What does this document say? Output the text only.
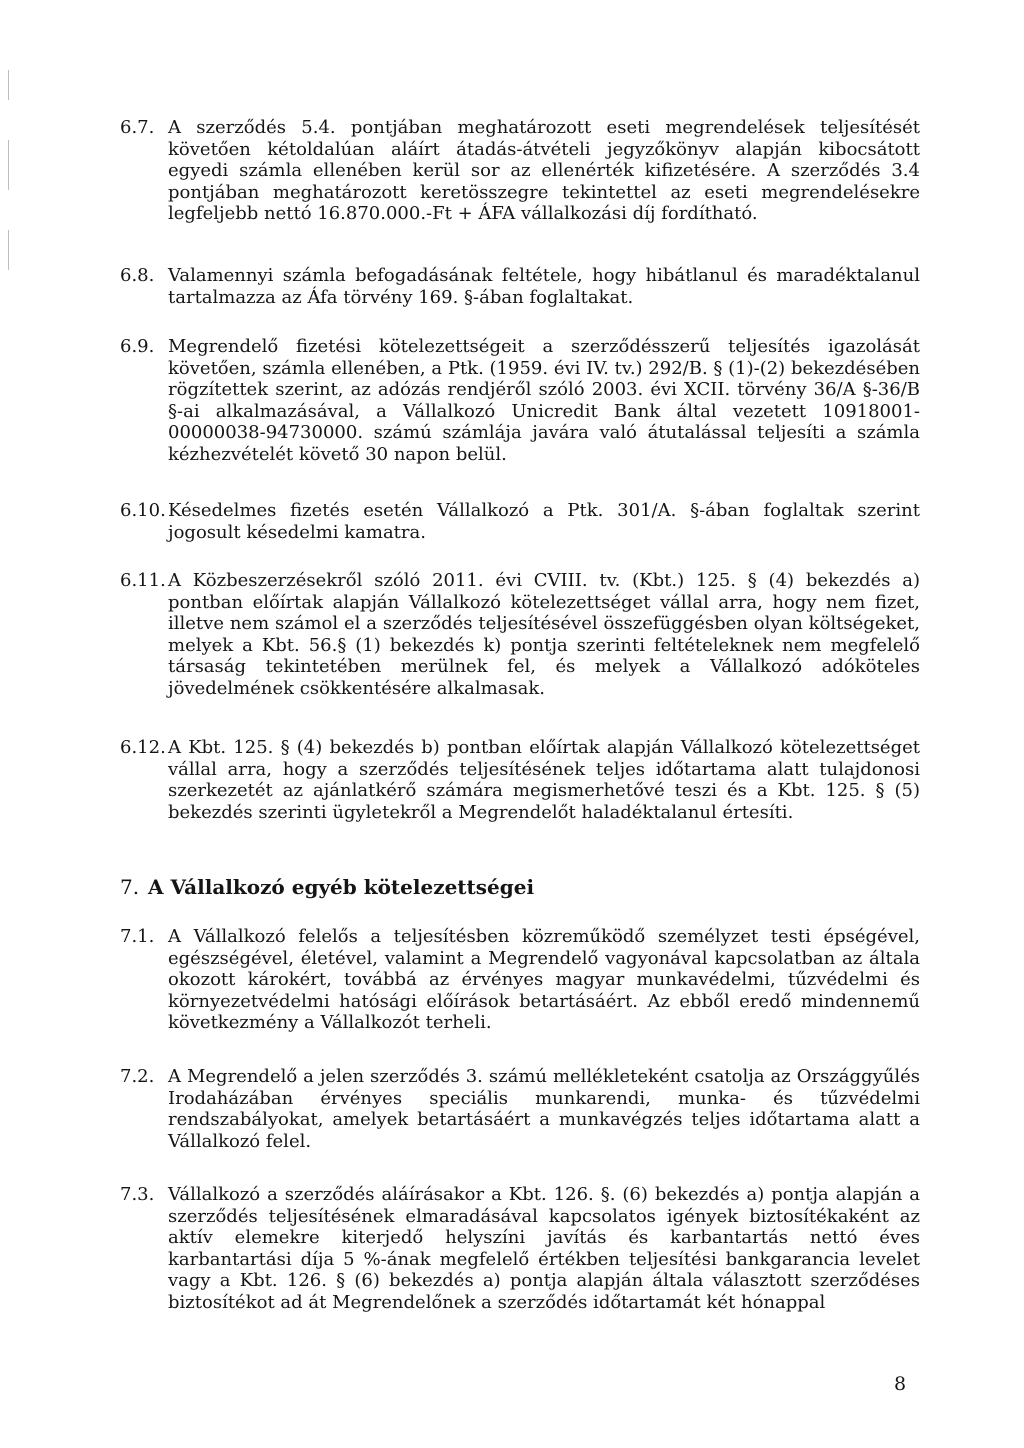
6.7. A szerződés 5.4. pontjában meghatározott eseti megrendelések teljesítését követően kétoldalúan aláírt átadás-átvételi jegyzőkönyv alapján kibocsátott egyedi számla ellenében kerül sor az ellenérték kifizetésére. A szerződés 3.4 pontjában meghatározott keretösszegre tekintettel az eseti megrendelésekre legfeljebb nettó 16.870.000.-Ft + ÁFA vállalkozási díj fordítható.
6.8. Valamennyi számla befogadásának feltétele, hogy hibátlanul és maradéktalanul tartalmazza az Áfa törvény 169. §-ában foglaltakat.
6.9. Megrendelő fizetési kötelezettségeit a szerződésszerű teljesítés igazolását követően, számla ellenében, a Ptk. (1959. évi IV. tv.) 292/B. § (1)-(2) bekezdésében rögzítettek szerint, az adózás rendjéről szóló 2003. évi XCII. törvény 36/A §-36/B §-ai alkalmazásával, a Vállalkozó Unicredit Bank által vezetett 10918001-00000038-94730000. számú számlája javára való átutalással teljesíti a számla kézhezvételét követő 30 napon belül.
6.10. Késedelmes fizetés esetén Vállalkozó a Ptk. 301/A. §-ában foglaltak szerint jogosult késedelmi kamatra.
6.11. A Közbeszerzésekről szóló 2011. évi CVIII. tv. (Kbt.) 125. § (4) bekezdés a) pontban előírtak alapján Vállalkozó kötelezettséget vállal arra, hogy nem fizet, illetve nem számol el a szerződés teljesítésével összefüggésben olyan költségeket, melyek a Kbt. 56.§ (1) bekezdés k) pontja szerinti feltételeknek nem megfelelő társaság tekintetében merülnek fel, és melyek a Vállalkozó adóköteles jövedelmének csökkentésére alkalmasak.
6.12. A Kbt. 125. § (4) bekezdés b) pontban előírtak alapján Vállalkozó kötelezettséget vállal arra, hogy a szerződés teljesítésének teljes időtartama alatt tulajdonosi szerkezetét az ajánlatkérő számára megismerhetővé teszi és a Kbt. 125. § (5) bekezdés szerinti ügyletekről a Megrendelőt haladéktalanul értesíti.
7. A Vállalkozó egyéb kötelezettségei
7.1. A Vállalkozó felelős a teljesítésben közreműködő személyzet testi épségével, egészségével, életével, valamint a Megrendelő vagyonával kapcsolatban az általa okozott károkért, továbbá az érvényes magyar munkavédelmi, tűzvédelmi és környezetvédelmi hatósági előírások betartásáért. Az ebből eredő mindennemű következmény a Vállalkozót terheli.
7.2. A Megrendelő a jelen szerződés 3. számú mellékleteként csatolja az Országgyűlés Irodaházában érvényes speciális munkarendi, munka- és tűzvédelmi rendszabályokat, amelyek betartásáért a munkavégzés teljes időtartama alatt a Vállalkozó felel.
7.3. Vállalkozó a szerződés aláírásakor a Kbt. 126. §. (6) bekezdés a) pontja alapján a szerződés teljesítésének elmaradásával kapcsolatos igények biztosítékaként az aktív elemekre kiterjedő helyszíni javítás és karbantartás nettó éves karbantartási díja 5 %-ának megfelelő értékben teljesítési bankgarancia levelet vagy a Kbt. 126. § (6) bekezdés a) pontja alapján általa választott szerződéses biztosítékot ad át Megrendelőnek a szerződés időtartamát két hónappal
8
